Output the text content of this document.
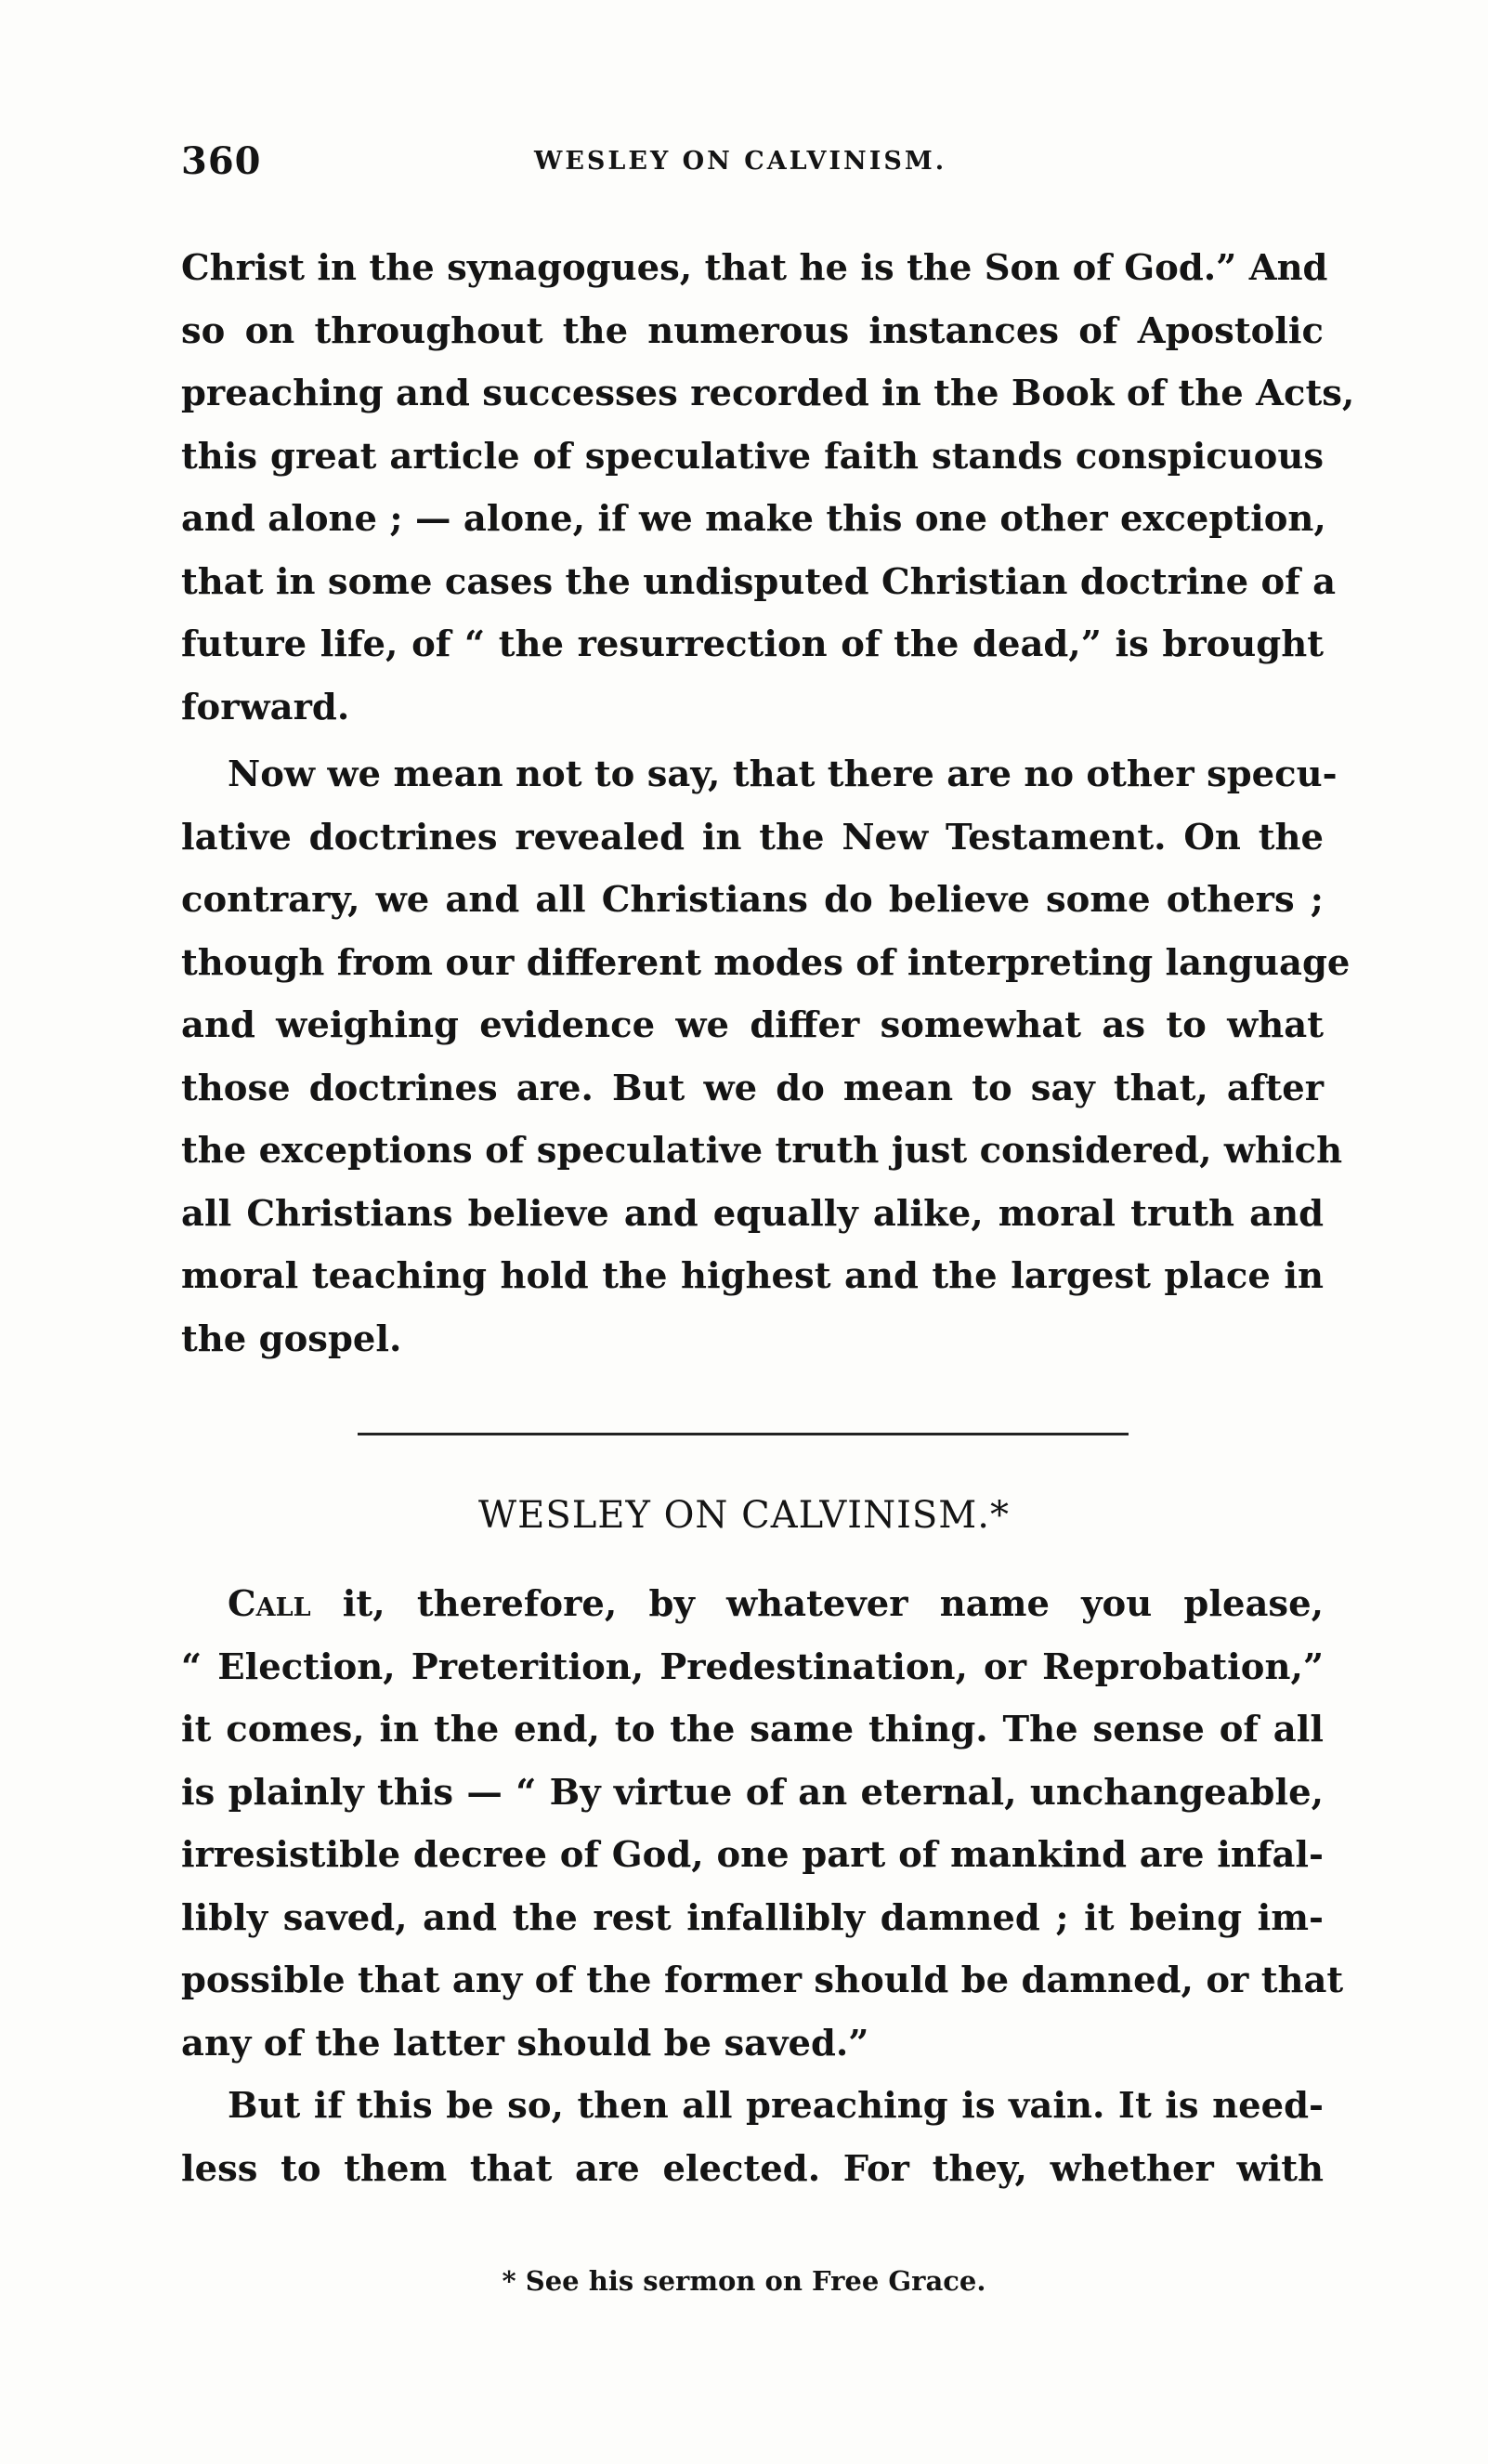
360	WESLEY ON CALVINISM.
Christ in the synagogues, that he is the Son of God.” And
so on throughout the numerous instances of Apostolic
preaching and successes recorded in the Book of the Acts,
this great article of speculative faith stands conspicuous
and alone ; — alone, if we make this one other exception,
that in some cases the undisputed Christian doctrine of a
future life, of “ the resurrection of the dead,” is brought
forward.
Now we mean not to say, that there are no other specu-
lative doctrines revealed in the New Testament. On the
contrary, we and all Christians do believe some others ;
though from our different modes of interpreting language
and weighing evidence we differ somewhat as to what
those doctrines are. But we do mean to say that, after
the exceptions of speculative truth just considered, which
all Christians believe and equally alike, moral truth and
moral teaching hold the highest and the largest place in
the gospel.
WESLEY ON CALVINISM.*
Call it, therefore, by whatever name you please,
“ Election, Preterition, Predestination, or Reprobation,”
it comes, in the end, to the same thing. The sense of all
is plainly this — “ By virtue of an eternal, unchangeable,
irresistible decree of God, one part of mankind are infal-
libly saved, and the rest infallibly damned ; it being im-
possible that any of the former should be damned, or that
any of the latter should be saved.”
But if this be so, then all preaching is vain. It is need-
less to them that are elected. For they, whether with
* See his sermon on Free Grace.
